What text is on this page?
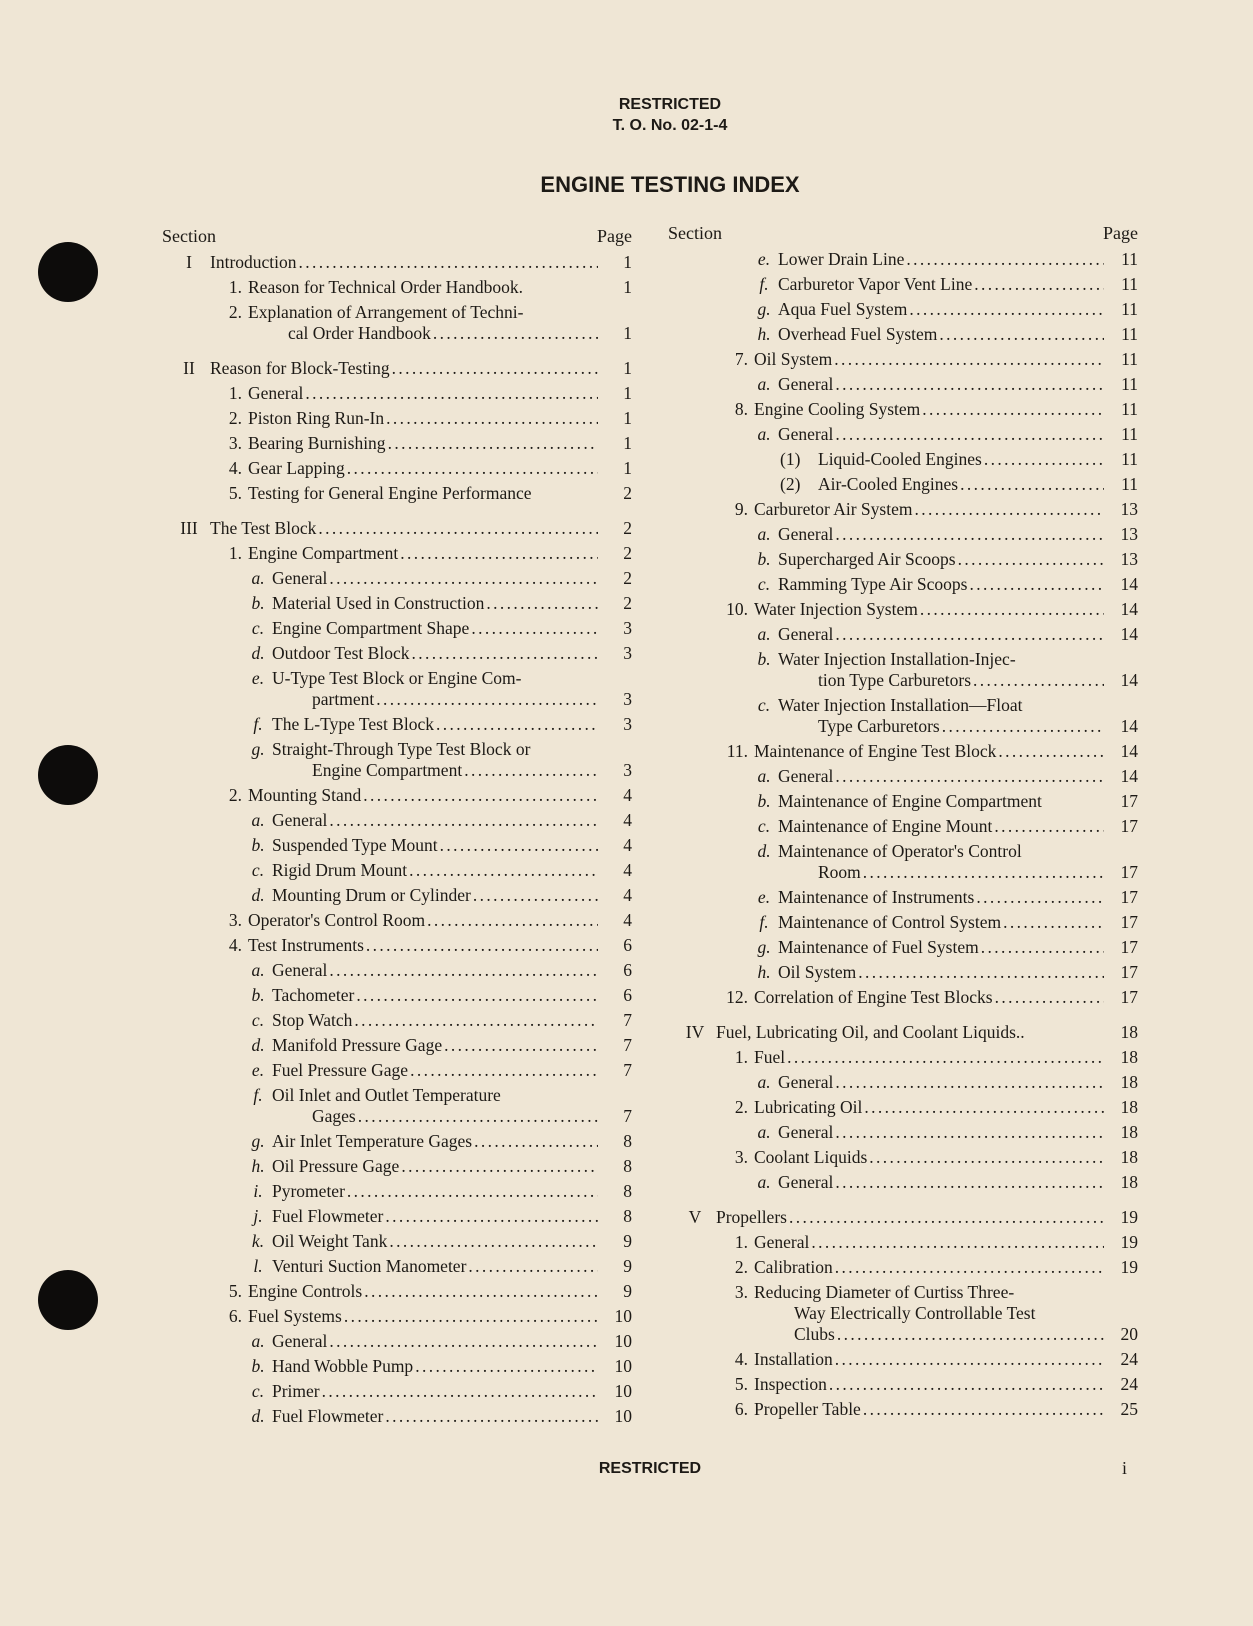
RESTRICTED
T. O. No. 02-1-4
ENGINE TESTING INDEX
Section	Page
I	Introduction . . .	1
1. Reason for Technical Order Handbook.	1
2. Explanation of Arrangement of Techni-
cal Order Handbook . . .	1
II Reason for Block-Testing . . .	1
1. General . . .	1
2. Piston Ring Run-In . . .	1
3. Bearing Burnishing . . .	1
4. Gear Lapping . . .	1
5. Testing for General Engine Performance	2
III The Test Block . . .	2
1. Engine Compartment . . .	2
a. General . . .	2
b. Material Used in Construction . . .	2
c. Engine Compartment Shape . . .	3
d. Outdoor Test Block . . .	3
e. U-Type Test Block or Engine Com-
partment . . .	3
f. The L-Type Test Block . . .	3
g. Straight-Through Type Test Block or
Engine Compartment . . .	3
2. Mounting Stand . . .	4
a. General . . .	4
b. Suspended Type Mount . . .	4
c. Rigid Drum Mount . . .	4
d. Mounting Drum or Cylinder . . .	4
3. Operator's Control Room . . .	4
4. Test Instruments . . .	6
a. General . . .	6
b. Tachometer . . .	6
c. Stop Watch . . .	7
d. Manifold Pressure Gage . . .	7
e. Fuel Pressure Gage . . .	7
f. Oil Inlet and Outlet Temperature
Gages . . .	7
g. Air Inlet Temperature Gages . . .	8
h. Oil Pressure Gage . . .	8
i. Pyrometer . . .	8
j. Fuel Flowmeter . . .	8
k. Oil Weight Tank . . .	9
l. Venturi Suction Manometer . . .	9
5. Engine Controls . . .	9
6. Fuel Systems . . .	10
a. General . . .	10
b. Hand Wobble Pump . . .	10
c. Primer . . .	10
d. Fuel Flowmeter . . .	10
Section	Page
e. Lower Drain Line . . .	11
f. Carburetor Vapor Vent Line . . .	11
g. Aqua Fuel System . . .	11
h. Overhead Fuel System . . .	11
7. Oil System . . .	11
a. General . . .	11
8. Engine Cooling System . . .	11
a. General . . .	11
(1)	Liquid-Cooled Engines . . .	11
(2)	Air-Cooled Engines . . .	11
9. Carburetor Air System . . .	13
a. General . . .	13
b. Supercharged Air Scoops . . .	13
c. Ramming Type Air Scoops . . .	14
10. Water Injection System . . .	14
a. General . . .	14
b. Water Injection Installation-Injec-
tion Type Carburetors . . .	14
c. Water Injection Installation—Float
Type Carburetors . . .	14
11. Maintenance of Engine Test Block . . .	14
a. General . . .	14
b. Maintenance of Engine Compartment	17
c. Maintenance of Engine Mount . . .	17
d. Maintenance of Operator's Control
Room . . .	17
e. Maintenance of Instruments . . .	17
f. Maintenance of Control System . . .	17
g. Maintenance of Fuel System . . .	17
h. Oil System . . .	17
12. Correlation of Engine Test Blocks . . .	17
IV Fuel, Lubricating Oil, and Coolant Liquids..	18
1. Fuel . . .	18
a. General . . .	18
2. Lubricating Oil . . .	18
a. General . . .	18
3. Coolant Liquids . . .	18
a. General . . .	18
V Propellers . . .	19
1. General . . .	19
2. Calibration . . .	19
3. Reducing Diameter of Curtiss Three-
Way Electrically Controllable Test
Clubs . . .	20
4. Installation . . .	24
5. Inspection . . .	24
6. Propeller Table . . .	25
RESTRICTED	i
